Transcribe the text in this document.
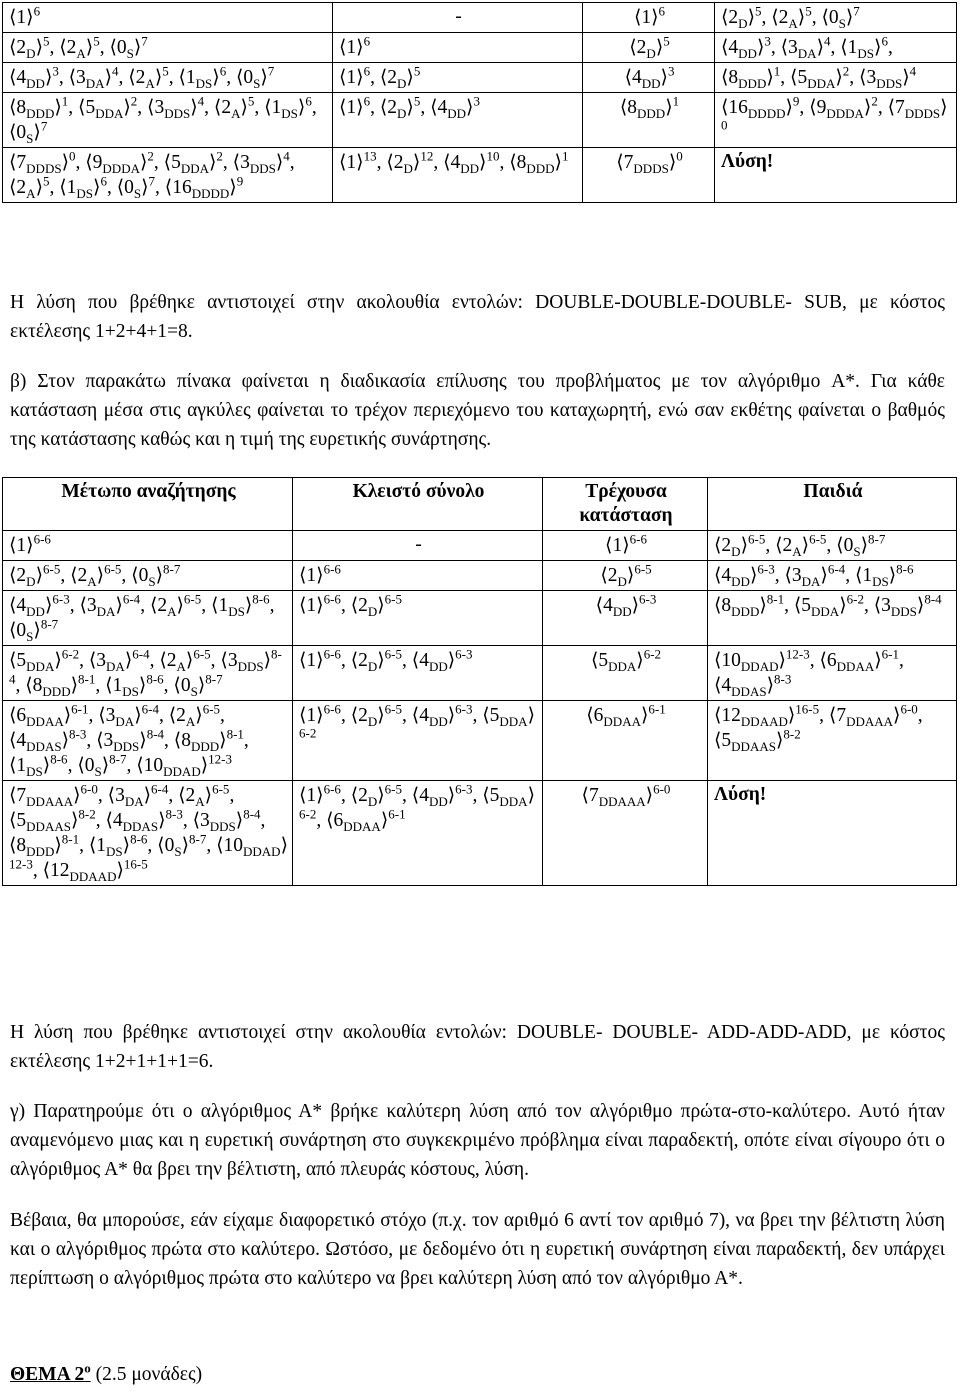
⟨1⟩$^6$	-	⟨1⟩$^6$	$⟨2_D⟩^5$, $⟨2_A⟩^5$, $⟨0_S⟩^7$
$⟨2_D⟩^5$, $⟨2_A⟩^5$, $⟨0_S⟩^7$	⟨1⟩$^6$	$⟨2_D⟩^5$	$⟨4_{DD}⟩^3$, $⟨3_{DA}⟩^4$, $⟨1_{DS}⟩^6$,
$⟨4_{DD}⟩^3$, $⟨3_{DA}⟩^4$, $⟨2_A⟩^5$, $⟨1_{DS}⟩^6$, $⟨0_S⟩^7$	⟨1⟩$^6$, $⟨2_D⟩^5$	$⟨4_{DD}⟩^3$	$⟨8_{DDD}⟩^1$, $⟨5_{DDA}⟩^2$, $⟨3_{DDS}⟩^4$
$⟨8_{DDD}⟩^1$, $⟨5_{DDA}⟩^2$, $⟨3_{DDS}⟩^4$, $⟨2_A⟩^5$, $⟨1_{DS}⟩^6$, $⟨0_S⟩^7$	⟨1⟩$^6$, $⟨2_D⟩^5$, $⟨4_{DD}⟩^3$	$⟨8_{DDD}⟩^1$	$⟨16_{DDDD}⟩^9$, $⟨9_{DDDA}⟩^2$, $⟨7_{DDDS}⟩^0$
$⟨7_{DDDS}⟩^0$, $⟨9_{DDDA}⟩^2$, $⟨5_{DDA}⟩^2$, $⟨3_{DDS}⟩^4$, $⟨2_A⟩^5$, $⟨1_{DS}⟩^6$, $⟨0_S⟩^7$, $⟨16_{DDDD}⟩^9$	⟨1⟩$^{13}$, $⟨2_D⟩^{12}$, $⟨4_{DD}⟩^{10}$, $⟨8_{DDD}⟩^1$	$⟨7_{DDDS}⟩^0$	Λύση!

Η λύση που βρέθηκε αντιστοιχεί στην ακολουθία εντολών: DOUBLE-DOUBLE-DOUBLE- SUB, με κόστος εκτέλεσης 1+2+4+1=8.

β) Στον παρακάτω πίνακα φαίνεται η διαδικασία επίλυσης του προβλήματος με τον αλγόριθμο A*. Για κάθε κατάσταση μέσα στις αγκύλες φαίνεται το τρέχον περιεχόμενο του καταχωρητή, ενώ σαν εκθέτης φαίνεται ο βαθμός της κατάστασης καθώς και η τιμή της ευρετικής συνάρτησης.

Μέτωπο αναζήτησης	Κλειστό σύνολο	Τρέχουσα κατάσταση	Παιδιά
⟨1⟩$^{6-6}$	-	⟨1⟩$^{6-6}$	$⟨2_D⟩^{6-5}$, $⟨2_A⟩^{6-5}$, $⟨0_S⟩^{8-7}$
$⟨2_D⟩^{6-5}$, $⟨2_A⟩^{6-5}$, $⟨0_S⟩^{8-7}$	⟨1⟩$^{6-6}$	$⟨2_D⟩^{6-5}$	$⟨4_{DD}⟩^{6-3}$, $⟨3_{DA}⟩^{6-4}$, $⟨1_{DS}⟩^{8-6}$
$⟨4_{DD}⟩^{6-3}$, $⟨3_{DA}⟩^{6-4}$, $⟨2_A⟩^{6-5}$, $⟨1_{DS}⟩^{8-6}$, $⟨0_S⟩^{8-7}$	⟨1⟩$^{6-6}$, $⟨2_D⟩^{6-5}$	$⟨4_{DD}⟩^{6-3}$	$⟨8_{DDD}⟩^{8-1}$, $⟨5_{DDA}⟩^{6-2}$, $⟨3_{DDS}⟩^{8-4}$
$⟨5_{DDA}⟩^{6-2}$, $⟨3_{DA}⟩^{6-4}$, $⟨2_A⟩^{6-5}$, $⟨3_{DDS}⟩^{8-4}$, $⟨8_{DDD}⟩^{8-1}$, $⟨1_{DS}⟩^{8-6}$, $⟨0_S⟩^{8-7}$	⟨1⟩$^{6-6}$, $⟨2_D⟩^{6-5}$, $⟨4_{DD}⟩^{6-3}$	$⟨5_{DDA}⟩^{6-2}$	$⟨10_{DDAD}⟩^{12-3}$, $⟨6_{DDAA}⟩^{6-1}$, $⟨4_{DDAS}⟩^{8-3}$
$⟨6_{DDAA}⟩^{6-1}$, $⟨3_{DA}⟩^{6-4}$, $⟨2_A⟩^{6-5}$, $⟨4_{DDAS}⟩^{8-3}$, $⟨3_{DDS}⟩^{8-4}$, $⟨8_{DDD}⟩^{8-1}$, $⟨1_{DS}⟩^{8-6}$, $⟨0_S⟩^{8-7}$, $⟨10_{DDAD}⟩^{12-3}$	⟨1⟩$^{6-6}$, $⟨2_D⟩^{6-5}$, $⟨4_{DD}⟩^{6-3}$, $⟨5_{DDA}⟩^{6-2}$	$⟨6_{DDAA}⟩^{6-1}$	$⟨12_{DDAAD}⟩^{16-5}$, $⟨7_{DDAAA}⟩^{6-0}$, $⟨5_{DDAAS}⟩^{8-2}$
$⟨7_{DDAAA}⟩^{6-0}$, $⟨3_{DA}⟩^{6-4}$, $⟨2_A⟩^{6-5}$, $⟨5_{DDAAS}⟩^{8-2}$, $⟨4_{DDAS}⟩^{8-3}$, $⟨3_{DDS}⟩^{8-4}$, $⟨8_{DDD}⟩^{8-1}$, $⟨1_{DS}⟩^{8-6}$, $⟨0_S⟩^{8-7}$, $⟨10_{DDAD}⟩^{12-3}$, $⟨12_{DDAAD}⟩^{16-5}$	⟨1⟩$^{6-6}$, $⟨2_D⟩^{6-5}$, $⟨4_{DD}⟩^{6-3}$, $⟨5_{DDA}⟩^{6-2}$, $⟨6_{DDAA}⟩^{6-1}$	$⟨7_{DDAAA}⟩^{6-0}$	Λύση!

Η λύση που βρέθηκε αντιστοιχεί στην ακολουθία εντολών: DOUBLE- DOUBLE- ADD-ADD-ADD, με κόστος εκτέλεσης 1+2+1+1+1=6.

γ) Παρατηρούμε ότι ο αλγόριθμος Α* βρήκε καλύτερη λύση από τον αλγόριθμο πρώτα-στο-καλύτερο. Αυτό ήταν αναμενόμενο μιας και η ευρετική συνάρτηση στο συγκεκριμένο πρόβλημα είναι παραδεκτή, οπότε είναι σίγουρο ότι ο αλγόριθμος Α* θα βρει την βέλτιστη, από πλευράς κόστους, λύση.

Βέβαια, θα μπορούσε, εάν είχαμε διαφορετικό στόχο (π.χ. τον αριθμό 6 αντί τον αριθμό 7), να βρει την βέλτιστη λύση και ο αλγόριθμος πρώτα στο καλύτερο. Ωστόσο, με δεδομένο ότι η ευρετική συνάρτηση είναι παραδεκτή, δεν υπάρχει περίπτωση ο αλγόριθμος πρώτα στο καλύτερο να βρει καλύτερη λύση από τον αλγόριθμο Α*.

ΘΕΜΑ $2^o$ (2.5 μονάδες)
